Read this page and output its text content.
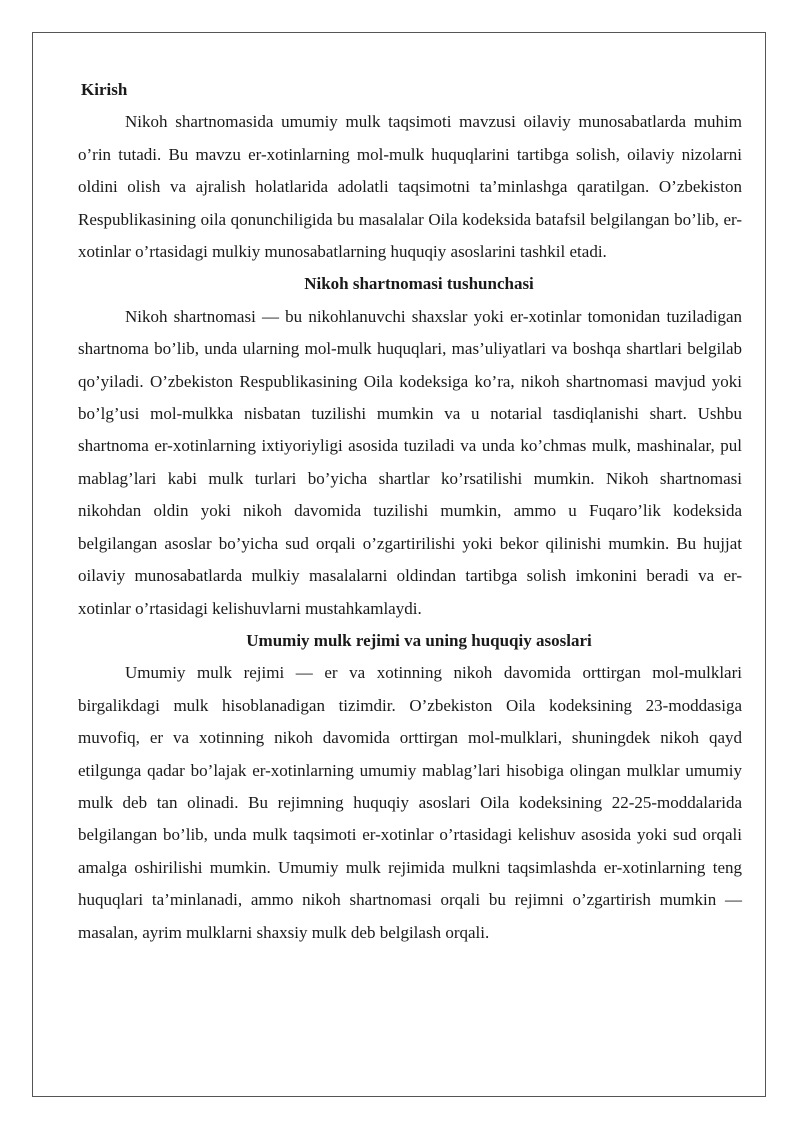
Kirish

Nikoh shartnomasida umumiy mulk taqsimoti mavzusi oilaviy munosabatlarda muhim o’rin tutadi. Bu mavzu er-xotinlarning mol-mulk huquqlarini tartibga solish, oilaviy nizolarni oldini olish va ajralish holatlarida adolatli taqsimotni ta’minlashga qaratilgan. O’zbekiston Respublikasining oila qonunchiligida bu masalalar Oila kodeksida batafsil belgilangan bo’lib, er-xotinlar o’rtasidagi mulkiy munosabatlarning huquqiy asoslarini tashkil etadi.

Nikoh shartnomasi tushunchasi

Nikoh shartnomasi — bu nikohlanuvchi shaxslar yoki er-xotinlar tomonidan tuziladigan shartnoma bo’lib, unda ularning mol-mulk huquqlari, mas’uliyatlari va boshqa shartlari belgilab qo’yiladi. O’zbekiston Respublikasining Oila kodeksiga ko’ra, nikoh shartnomasi mavjud yoki bo’lg’usi mol-mulkka nisbatan tuzilishi mumkin va u notarial tasdiqlanishi shart. Ushbu shartnoma er-xotinlarning ixtiyoriyligi asosida tuziladi va unda ko’chmas mulk, mashinalar, pul mablag’lari kabi mulk turlari bo’yicha shartlar ko’rsatilishi mumkin. Nikoh shartnomasi nikohdan oldin yoki nikoh davomida tuzilishi mumkin, ammo u Fuqaro’lik kodeksida belgilangan asoslar bo’yicha sud orqali o’zgartirilishi yoki bekor qilinishi mumkin. Bu hujjat oilaviy munosabatlarda mulkiy masalalarni oldindan tartibga solish imkonini beradi va er-xotinlar o’rtasidagi kelishuvlarni mustahkamlaydi.

Umumiy mulk rejimi va uning huquqiy asoslari

Umumiy mulk rejimi — er va xotinning nikoh davomida orttirgan mol-mulklari birgalikdagi mulk hisoblanadigan tizimdir. O’zbekiston Oila kodeksining 23-moddasiga muvofiq, er va xotinning nikoh davomida orttirgan mol-mulklari, shuningdek nikoh qayd etilgunga qadar bo’lajak er-xotinlarning umumiy mablag’lari hisobiga olingan mulklar umumiy mulk deb tan olinadi. Bu rejimning huquqiy asoslari Oila kodeksining 22-25-moddalarida belgilangan bo’lib, unda mulk taqsimoti er-xotinlar o’rtasidagi kelishuv asosida yoki sud orqali amalga oshirilishi mumkin. Umumiy mulk rejimida mulkni taqsimlashda er-xotinlarning teng huquqlari ta’minlanadi, ammo nikoh shartnomasi orqali bu rejimni o’zgartirish mumkin — masalan, ayrim mulklarni shaxsiy mulk deb belgilash orqali.
